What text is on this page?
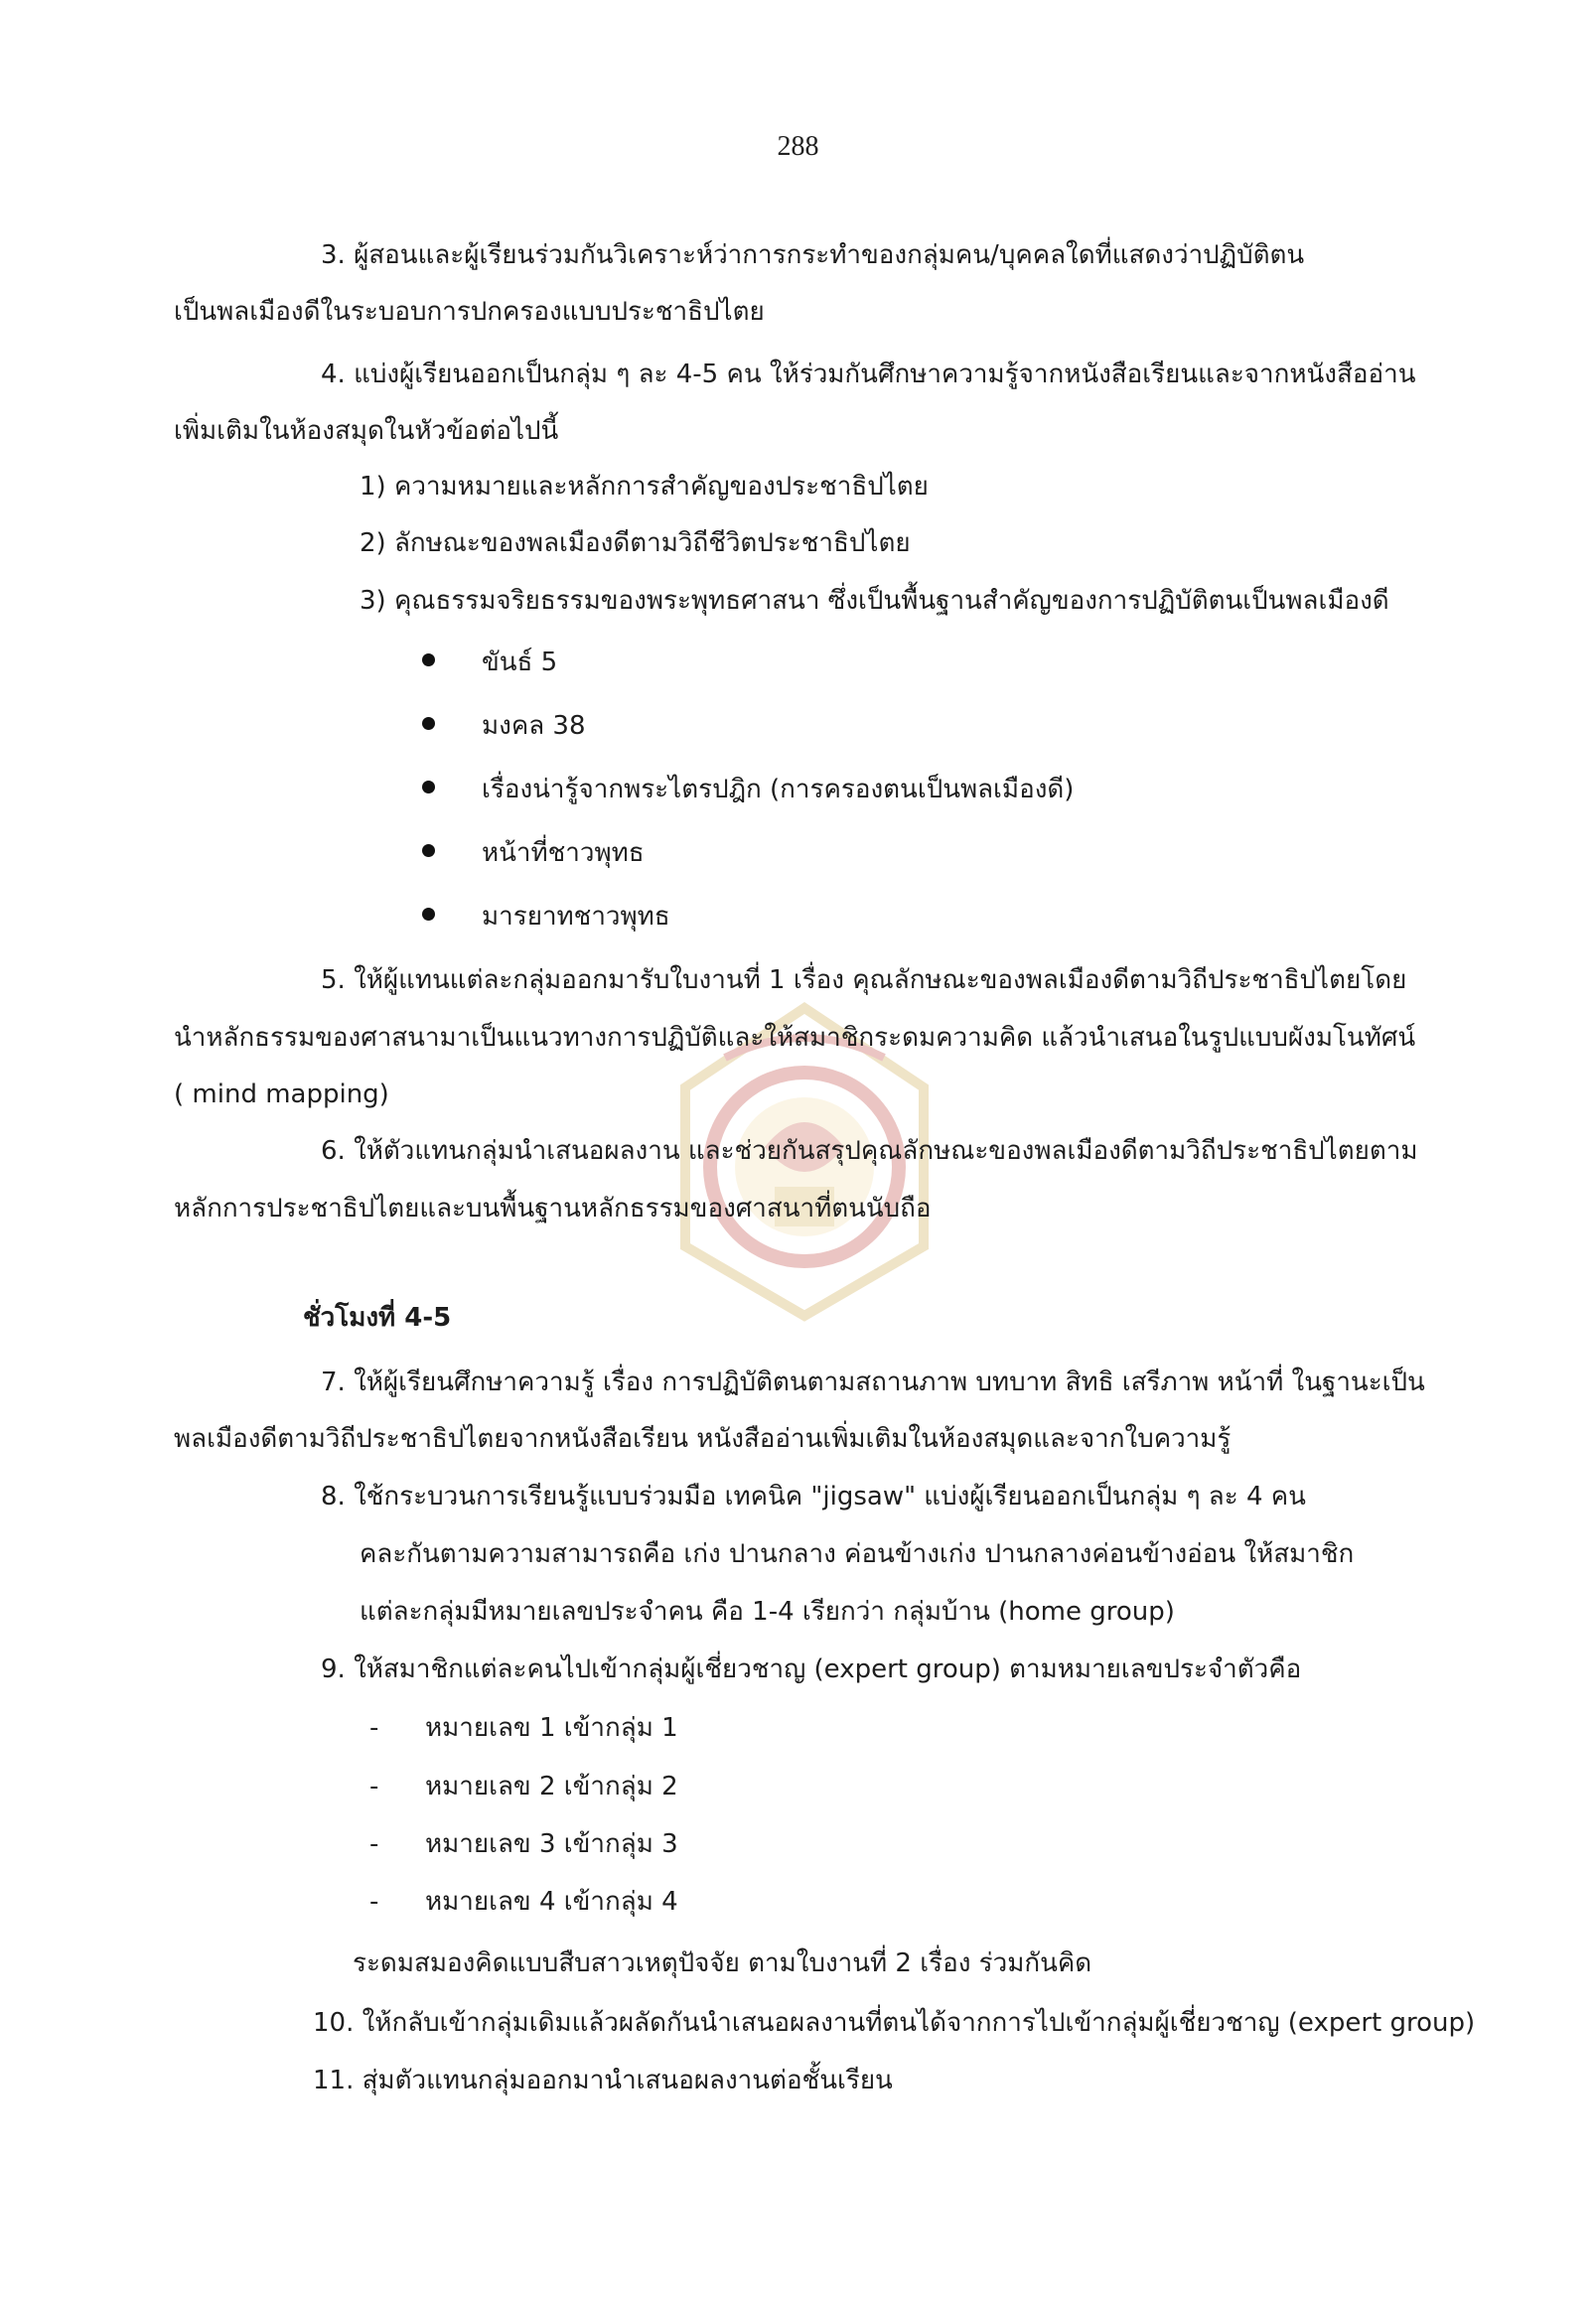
288
3. ผู้สอนและผู้เรียนร่วมกันวิเคราะห์ว่าการกระทำของกลุ่มคน/บุคคลใดที่แสดงว่าปฏิบัติตน
เป็นพลเมืองดีในระบอบการปกครองแบบประชาธิปไตย
4. แบ่งผู้เรียนออกเป็นกลุ่ม ๆ ละ 4-5 คน ให้ร่วมกันศึกษาความรู้จากหนังสือเรียนและจากหนังสืออ่าน
เพิ่มเติมในห้องสมุดในหัวข้อต่อไปนี้
1) ความหมายและหลักการสำคัญของประชาธิปไตย
2) ลักษณะของพลเมืองดีตามวิถีชีวิตประชาธิปไตย
3) คุณธรรมจริยธรรมของพระพุทธศาสนา ซึ่งเป็นพื้นฐานสำคัญของการปฏิบัติตนเป็นพลเมืองดี
ขันธ์ 5
มงคล 38
เรื่องน่ารู้จากพระไตรปฎิก (การครองตนเป็นพลเมืองดี)
หน้าที่ชาวพุทธ
มารยาทชาวพุทธ
5. ให้ผู้แทนแต่ละกลุ่มออกมารับใบงานที่ 1 เรื่อง คุณลักษณะของพลเมืองดีตามวิถีประชาธิปไตยโดย
นำหลักธรรมของศาสนามาเป็นแนวทางการปฏิบัติและให้สมาชิกระดมความคิด แล้วนำเสนอในรูปแบบผังมโนทัศน์
( mind mapping)
6. ให้ตัวแทนกลุ่มนำเสนอผลงาน และช่วยกันสรุปคุณลักษณะของพลเมืองดีตามวิถีประชาธิปไตยตาม
หลักการประชาธิปไตยและบนพื้นฐานหลักธรรมของศาสนาที่ตนนับถือ
ชั่วโมงที่ 4-5
7. ให้ผู้เรียนศึกษาความรู้ เรื่อง การปฏิบัติตนตามสถานภาพ บทบาท สิทธิ เสรีภาพ หน้าที่ ในฐานะเป็น
พลเมืองดีตามวิถีประชาธิปไตยจากหนังสือเรียน หนังสืออ่านเพิ่มเติมในห้องสมุดและจากใบความรู้
8. ใช้กระบวนการเรียนรู้แบบร่วมมือ เทคนิค "jigsaw" แบ่งผู้เรียนออกเป็นกลุ่ม ๆ ละ 4 คน
คละกันตามความสามารถคือ เก่ง ปานกลาง ค่อนข้างเก่ง ปานกลางค่อนข้างอ่อน ให้สมาชิก
แต่ละกลุ่มมีหมายเลขประจำคน คือ 1-4 เรียกว่า กลุ่มบ้าน (home group)
9. ให้สมาชิกแต่ละคนไปเข้ากลุ่มผู้เชี่ยวชาญ (expert group) ตามหมายเลขประจำตัวคือ
- หมายเลข 1 เข้ากลุ่ม 1
- หมายเลข 2 เข้ากลุ่ม 2
- หมายเลข 3 เข้ากลุ่ม 3
- หมายเลข 4 เข้ากลุ่ม 4
ระดมสมองคิดแบบสืบสาวเหตุปัจจัย ตามใบงานที่ 2 เรื่อง ร่วมกันคิด
10. ให้กลับเข้ากลุ่มเดิมแล้วผลัดกันนำเสนอผลงานที่ตนได้จากการไปเข้ากลุ่มผู้เชี่ยวชาญ (expert group)
11. สุ่มตัวแทนกลุ่มออกมานำเสนอผลงานต่อชั้นเรียน
